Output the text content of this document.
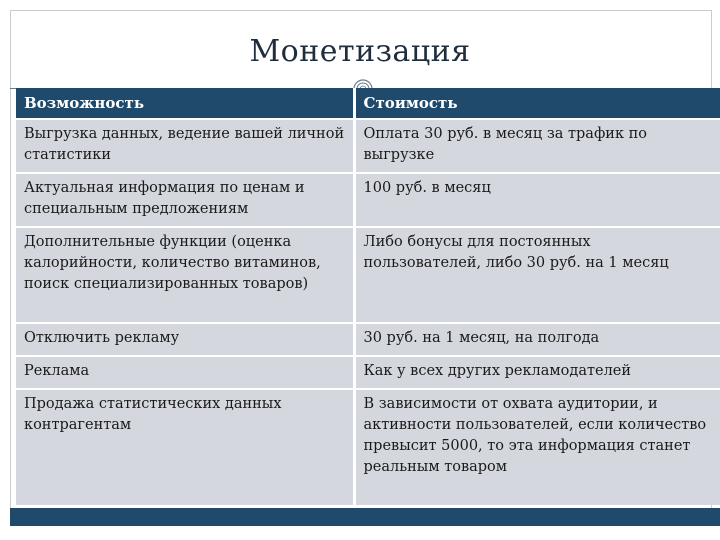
Монетизация
Возможность	Стоимость
Выгрузка данных, ведение вашей личной статистики	Оплата 30 руб. в месяц за трафик по выгрузке
Актуальная информация по ценам и специальным предложениям	100 руб. в месяц
Дополнительные функции (оценка калорийности, количество витаминов, поиск специализированных товаров)	Либо бонусы для постоянных пользователей, либо 30 руб. на 1 месяц
Отключить рекламу	30 руб. на 1 месяц, на полгода
Реклама	Как у всех других рекламодателей
Продажа статистических данных контрагентам	В зависимости от охвата аудитории, и активности пользователей, если количество превысит 5000, то эта информация станет реальным товаром
